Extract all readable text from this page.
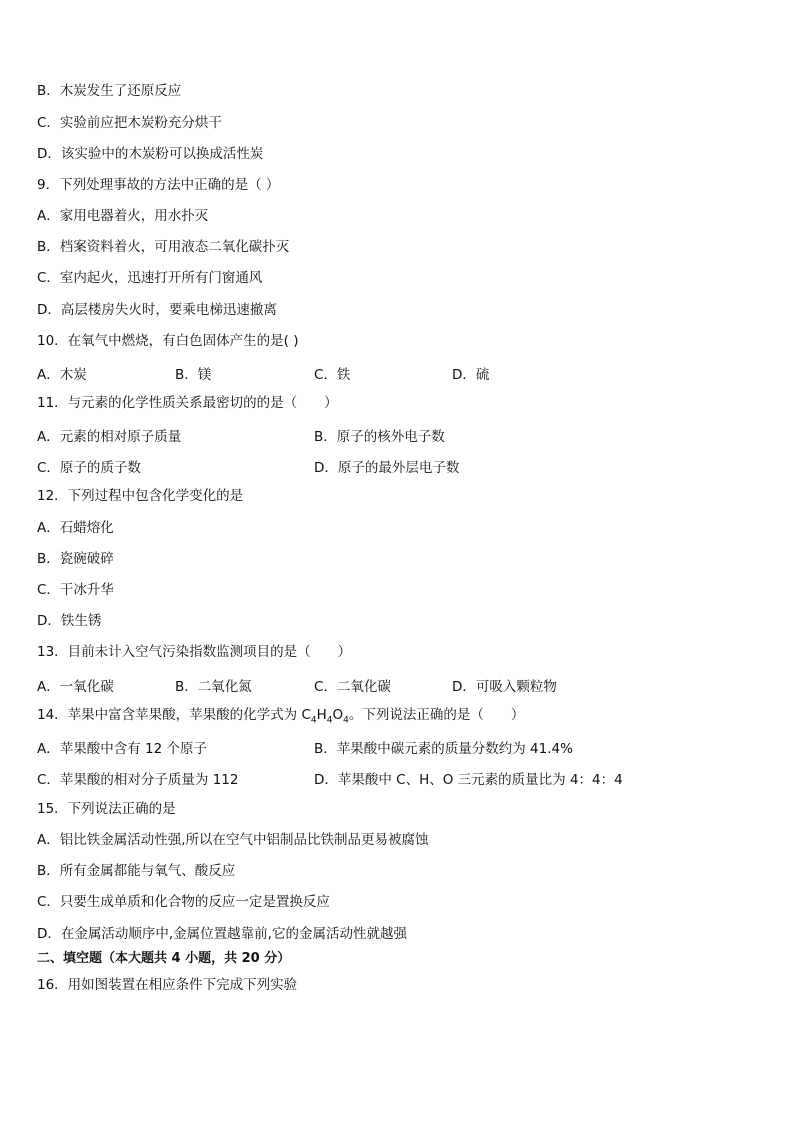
B．木炭发生了还原反应
C．实验前应把木炭粉充分烘干
D．该实验中的木炭粉可以换成活性炭
9．下列处理事故的方法中正确的是（ ）
A．家用电器着火，用水扑灭
B．档案资料着火，可用液态二氧化碳扑灭
C．室内起火，迅速打开所有门窗通风
D．高层楼房失火时，要乘电梯迅速撤离
10．在氧气中燃烧，有白色固体产生的是( )
A．木炭	B．镁	C．铁	D．硫
11．与元素的化学性质关系最密切的的是（　　）
A．元素的相对原子质量	B．原子的核外电子数
C．原子的质子数	D．原子的最外层电子数
12．下列过程中包含化学变化的是
A．石蜡熔化
B．瓷碗破碎
C．干冰升华
D．铁生锈
13．目前未计入空气污染指数监测项目的是（　　）
A．一氧化碳	B．二氧化氮	C．二氧化碳	D．可吸入颗粒物
14．苹果中富含苹果酸，苹果酸的化学式为 $C_4H_4O_4$。下列说法正确的是（　　）
A．苹果酸中含有 12 个原子	B．苹果酸中碳元素的质量分数约为 41.4%
C．苹果酸的相对分子质量为 112	D．苹果酸中 C、H、O 三元素的质量比为 4：4：4
15．下列说法正确的是
A．铝比铁金属活动性强,所以在空气中铝制品比铁制品更易被腐蚀
B．所有金属都能与氧气、酸反应
C．只要生成单质和化合物的反应一定是置换反应
D．在金属活动顺序中,金属位置越靠前,它的金属活动性就越强
二、填空题（本大题共 4 小题，共 20 分）
16．用如图装置在相应条件下完成下列实验
